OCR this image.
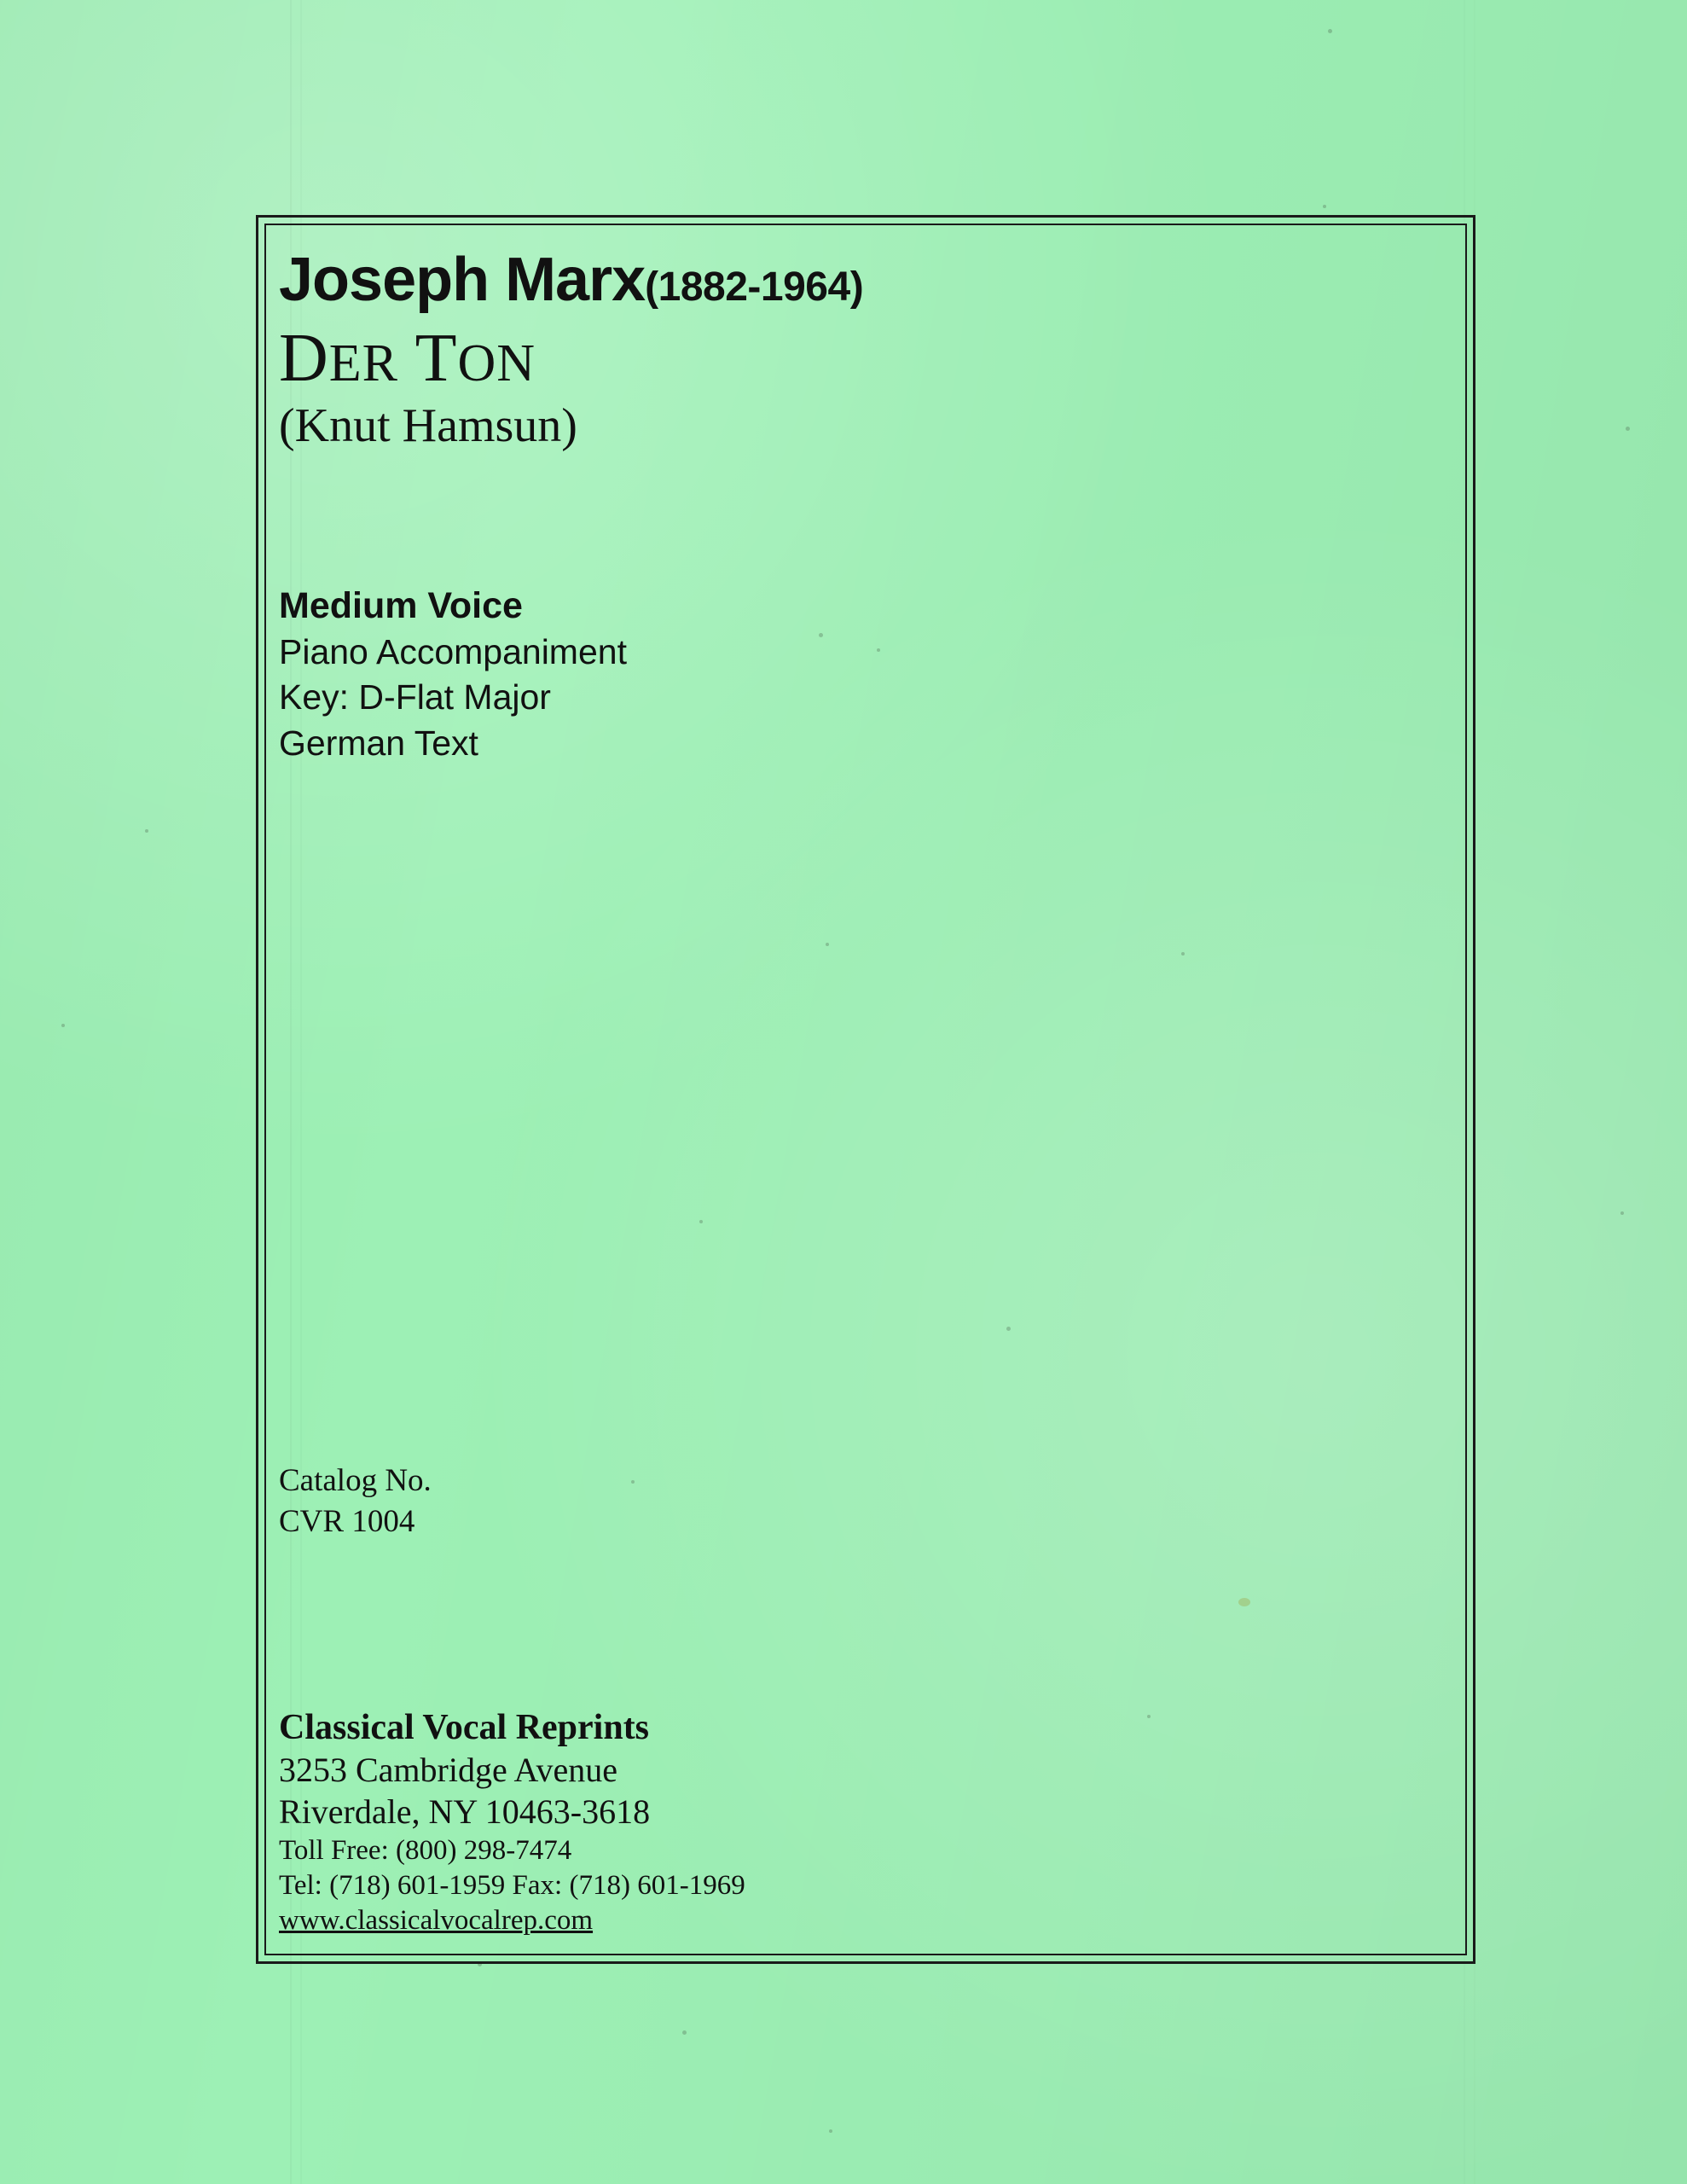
Joseph Marx(1882-1964)
DER TON
(Knut Hamsun)
Medium Voice
Piano Accompaniment
Key: D-Flat Major
German Text
Catalog No.
CVR 1004
Classical Vocal Reprints
3253 Cambridge Avenue
Riverdale, NY 10463-3618
Toll Free: (800) 298-7474
Tel: (718) 601-1959 Fax: (718) 601-1969
www.classicalvocalrep.com
